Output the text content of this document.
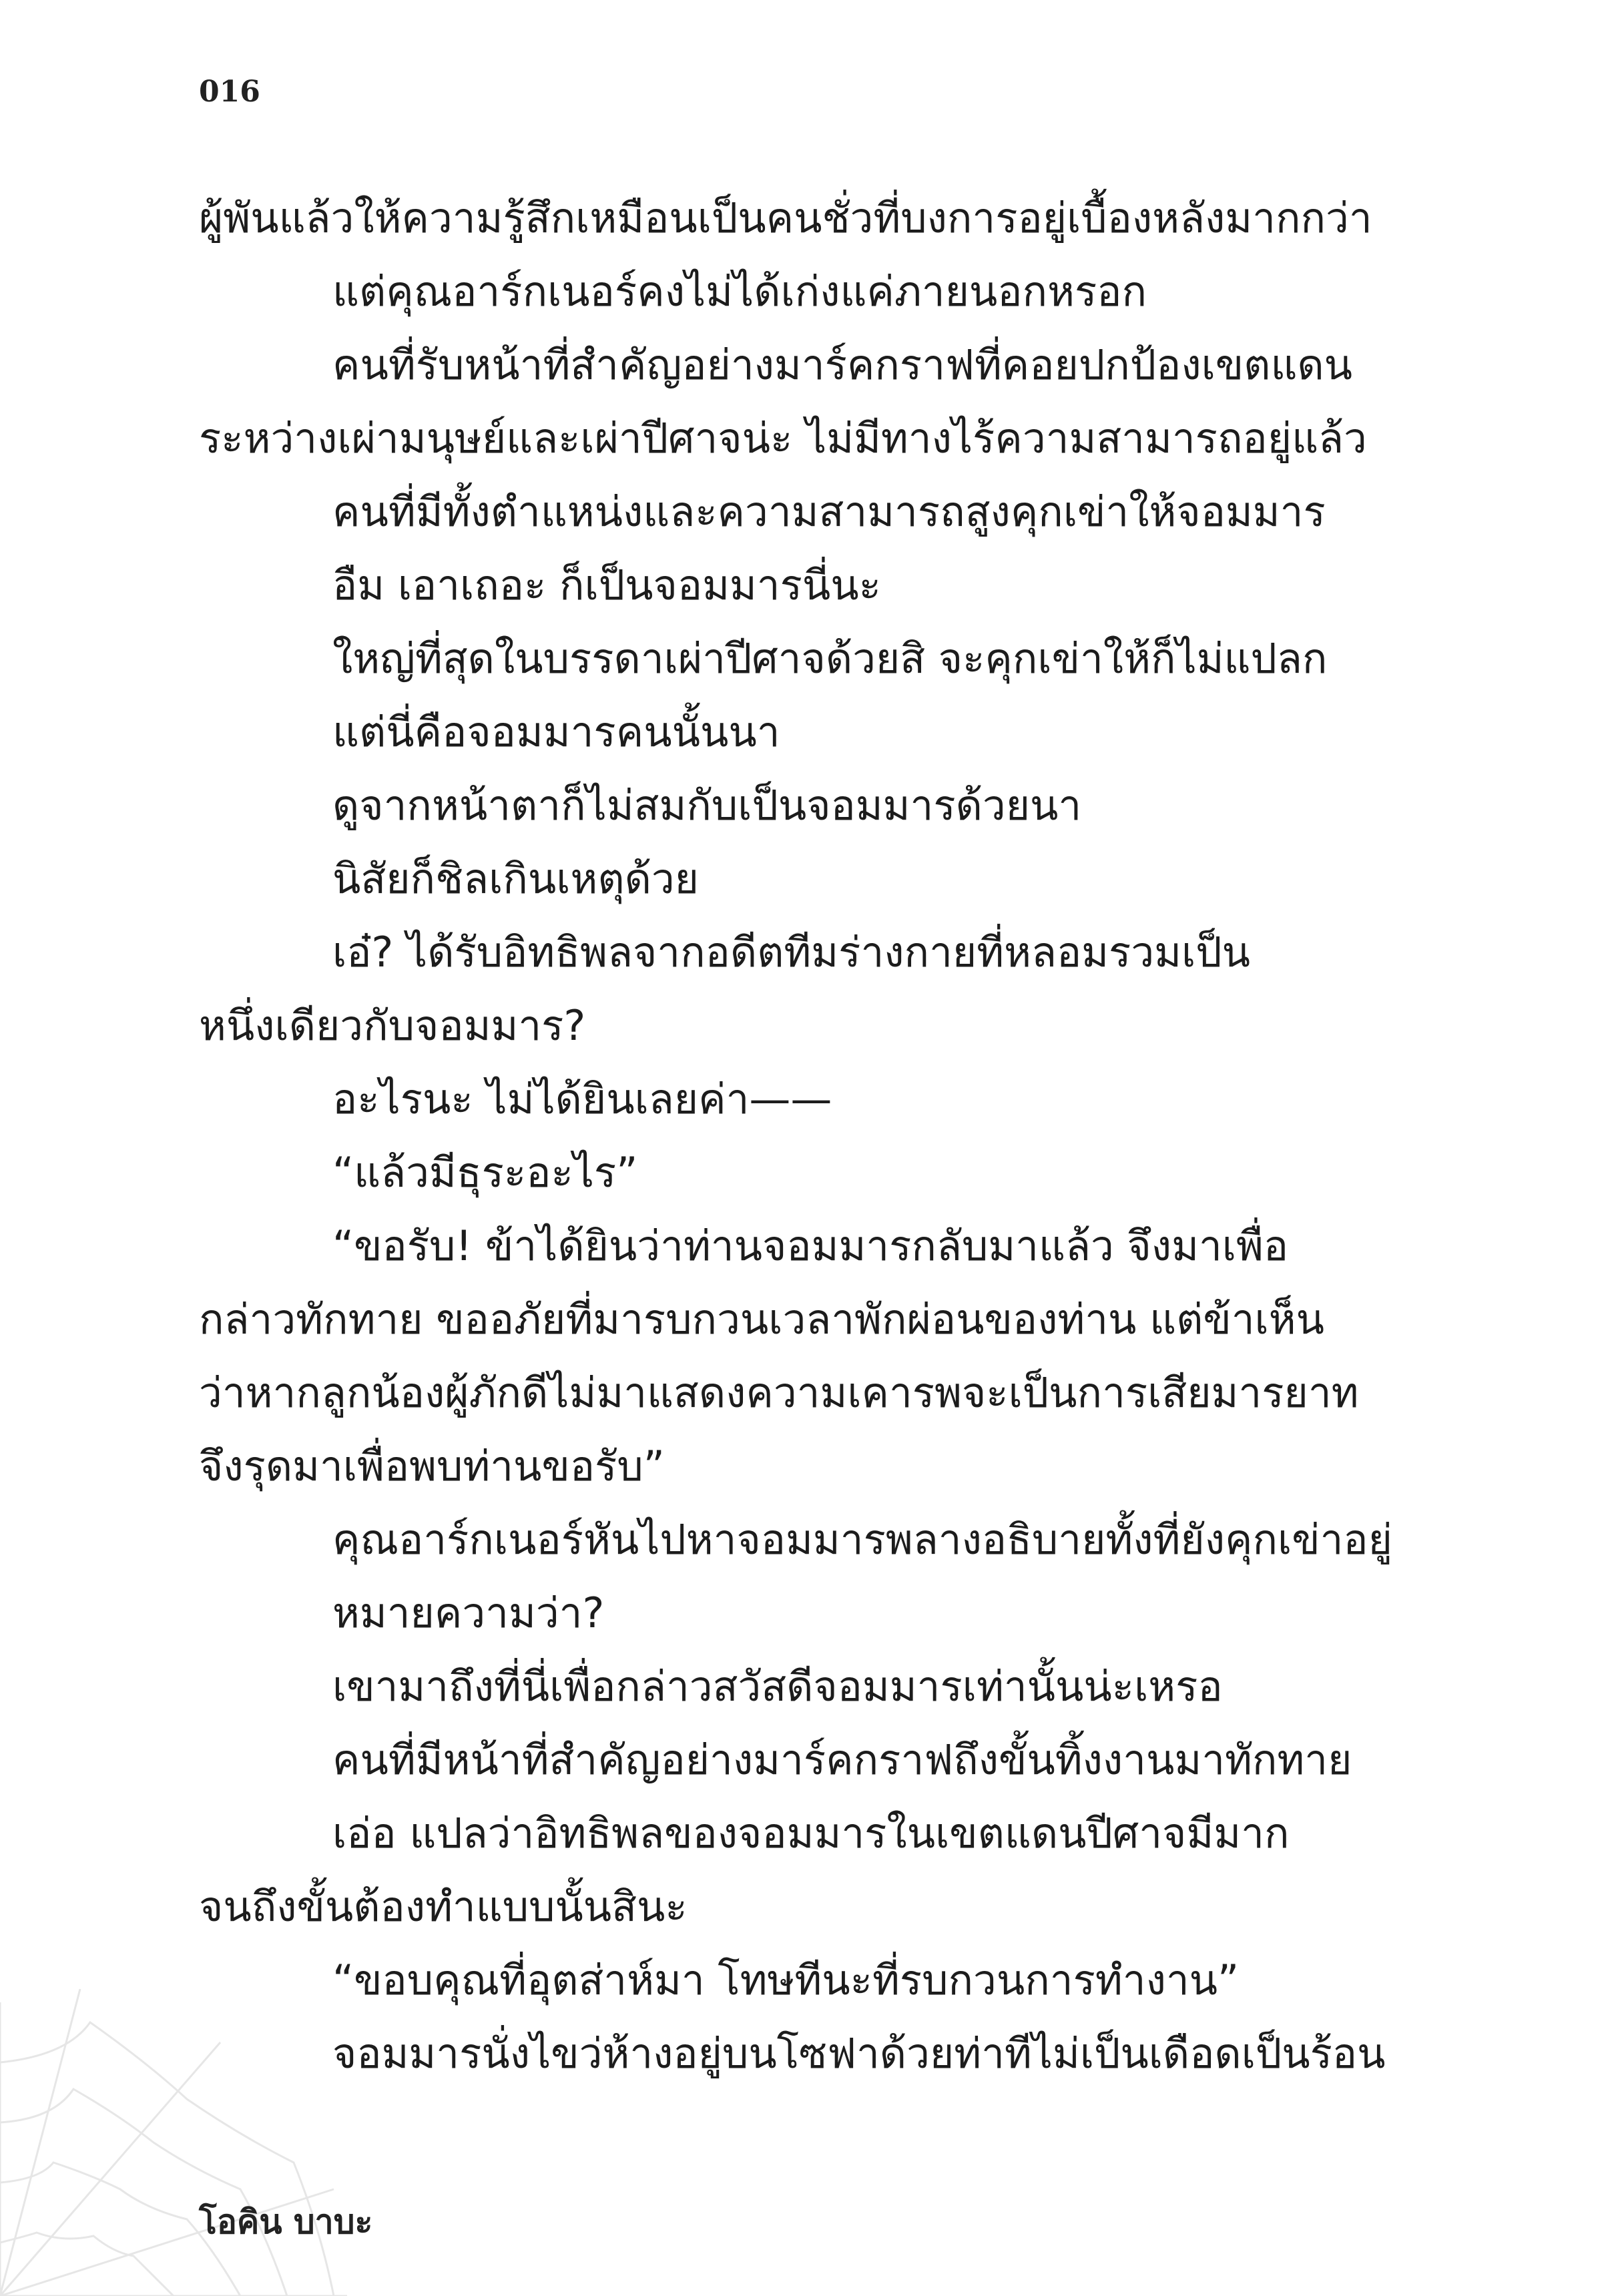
016
ผู้พันแล้วให้ความรู้สึกเหมือนเป็นคนชั่วที่บงการอยู่เบื้องหลังมากกว่า
แต่คุณอาร์กเนอร์คงไม่ได้เก่งแค่ภายนอกหรอก
คนที่รับหน้าที่สำคัญอย่างมาร์คกราฟที่คอยปกป้องเขตแดน
ระหว่างเผ่ามนุษย์และเผ่าปีศาจน่ะ ไม่มีทางไร้ความสามารถอยู่แล้ว
คนที่มีทั้งตำแหน่งและความสามารถสูงคุกเข่าให้จอมมาร
อืม เอาเถอะ ก็เป็นจอมมารนี่นะ
ใหญ่ที่สุดในบรรดาเผ่าปีศาจด้วยสิ จะคุกเข่าให้ก็ไม่แปลก
แต่นี่คือจอมมารคนนั้นนา
ดูจากหน้าตาก็ไม่สมกับเป็นจอมมารด้วยนา
นิสัยก็ชิลเกินเหตุด้วย
เอ๋? ได้รับอิทธิพลจากอดีตทีมร่างกายที่หลอมรวมเป็น
หนึ่งเดียวกับจอมมาร?
อะไรนะ ไม่ได้ยินเลยค่า——
“แล้วมีธุระอะไร”
“ขอรับ! ข้าได้ยินว่าท่านจอมมารกลับมาแล้ว จึงมาเพื่อ
กล่าวทักทาย ขออภัยที่มารบกวนเวลาพักผ่อนของท่าน แต่ข้าเห็น
ว่าหากลูกน้องผู้ภักดีไม่มาแสดงความเคารพจะเป็นการเสียมารยาท
จึงรุดมาเพื่อพบท่านขอรับ”
คุณอาร์กเนอร์หันไปหาจอมมารพลางอธิบายทั้งที่ยังคุกเข่าอยู่
หมายความว่า?
เขามาถึงที่นี่เพื่อกล่าวสวัสดีจอมมารเท่านั้นน่ะเหรอ
คนที่มีหน้าที่สำคัญอย่างมาร์คกราฟถึงขั้นทิ้งงานมาทักทาย
เอ่อ แปลว่าอิทธิพลของจอมมารในเขตแดนปีศาจมีมาก
จนถึงขั้นต้องทำแบบนั้นสินะ
“ขอบคุณที่อุตส่าห์มา โทษทีนะที่รบกวนการทำงาน”
จอมมารนั่งไขว่ห้างอยู่บนโซฟาด้วยท่าทีไม่เป็นเดือดเป็นร้อน
โอคิน บาบะ
